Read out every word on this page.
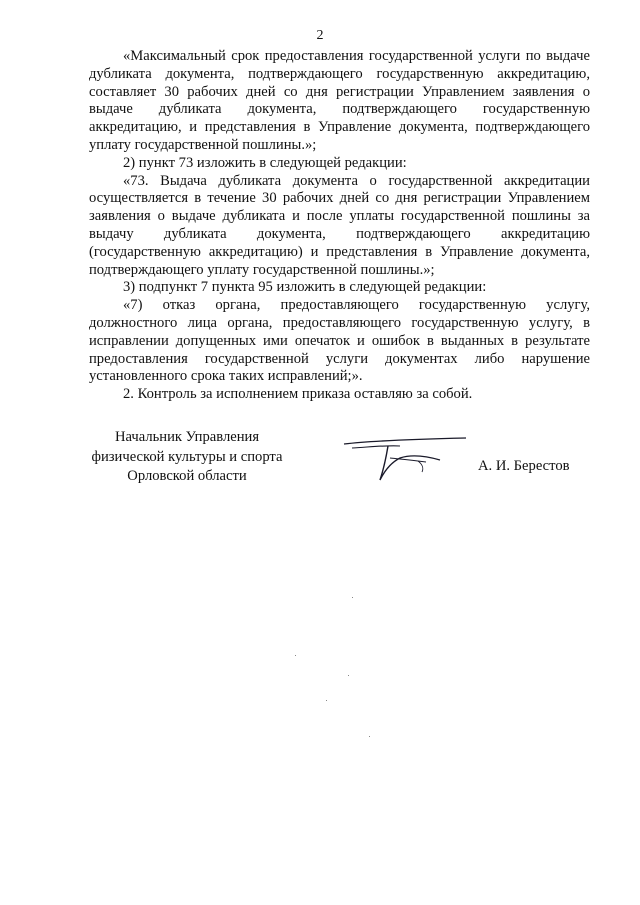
2

«Максимальный срок предоставления государственной услуги по выдаче дубликата документа, подтверждающего государственную аккредитацию, составляет 30 рабочих дней со дня регистрации Управлением заявления о выдаче дубликата документа, подтверждающего государственную аккредитацию, и представления в Управление документа, подтверждающего уплату государственной пошлины.»;

2) пункт 73 изложить в следующей редакции:

«73. Выдача дубликата документа о государственной аккредитации осуществляется в течение 30 рабочих дней со дня регистрации Управлением заявления о выдаче дубликата и после уплаты государственной пошлины за выдачу дубликата документа, подтверждающего аккредитацию (государственную аккредитацию) и представления в Управление документа, подтверждающего уплату государственной пошлины.»;

3) подпункт 7 пункта 95 изложить в следующей редакции:

«7) отказ органа, предоставляющего государственную услугу, должностного лица органа, предоставляющего государственную услугу, в исправлении допущенных ими опечаток и ошибок в выданных в результате предоставления государственной услуги документах либо нарушение установленного срока таких исправлений;».

2. Контроль за исполнением приказа оставляю за собой.

Начальник Управления
физической культуры и спорта
Орловской области
А. И. Берестов
